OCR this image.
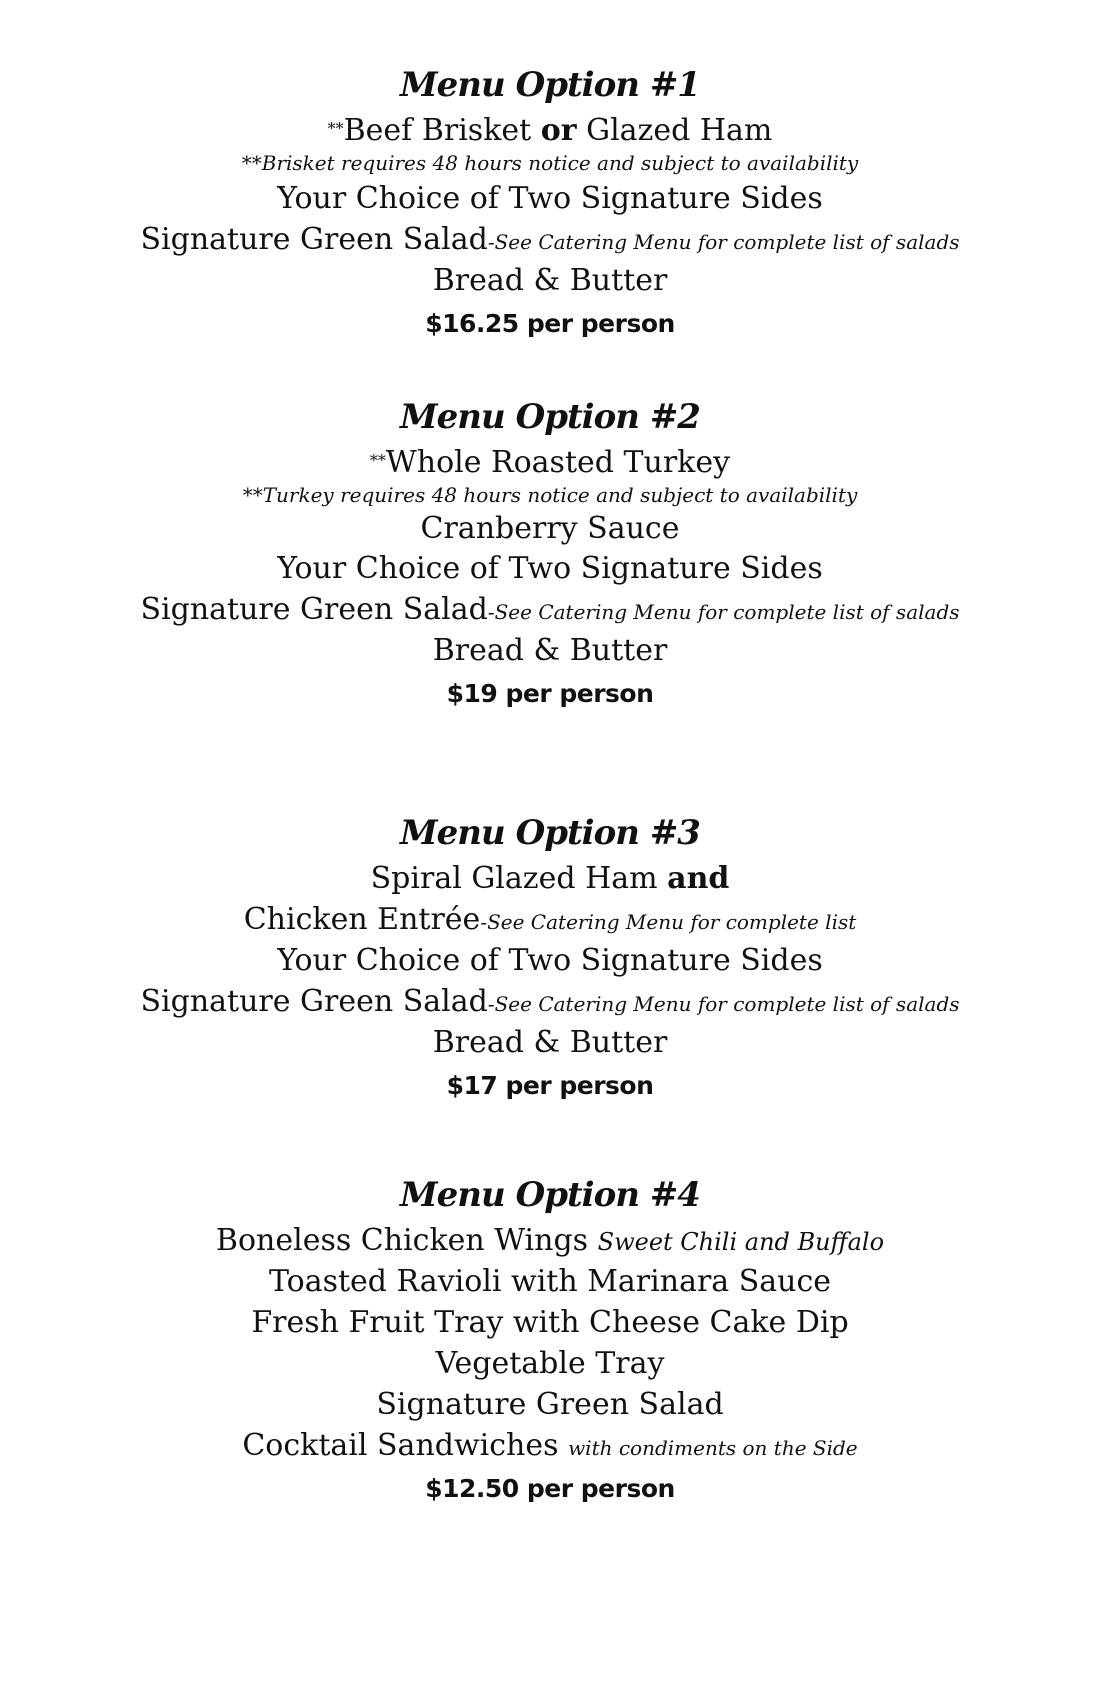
Menu Option #1
**Beef Brisket or Glazed Ham
**Brisket requires 48 hours notice and subject to availability
Your Choice of Two Signature Sides
Signature Green Salad-See Catering Menu for complete list of salads
Bread & Butter
$16.25 per person
Menu Option #2
**Whole Roasted Turkey
**Turkey requires 48 hours notice and subject to availability
Cranberry Sauce
Your Choice of Two Signature Sides
Signature Green Salad-See Catering Menu for complete list of salads
Bread & Butter
$19 per person
Menu Option #3
Spiral Glazed Ham and
Chicken Entrée-See Catering Menu for complete list
Your Choice of Two Signature Sides
Signature Green Salad-See Catering Menu for complete list of salads
Bread & Butter
$17 per person
Menu Option #4
Boneless Chicken Wings Sweet Chili and Buffalo
Toasted Ravioli with Marinara Sauce
Fresh Fruit Tray with Cheese Cake Dip
Vegetable Tray
Signature Green Salad
Cocktail Sandwiches with condiments on the Side
$12.50 per person
